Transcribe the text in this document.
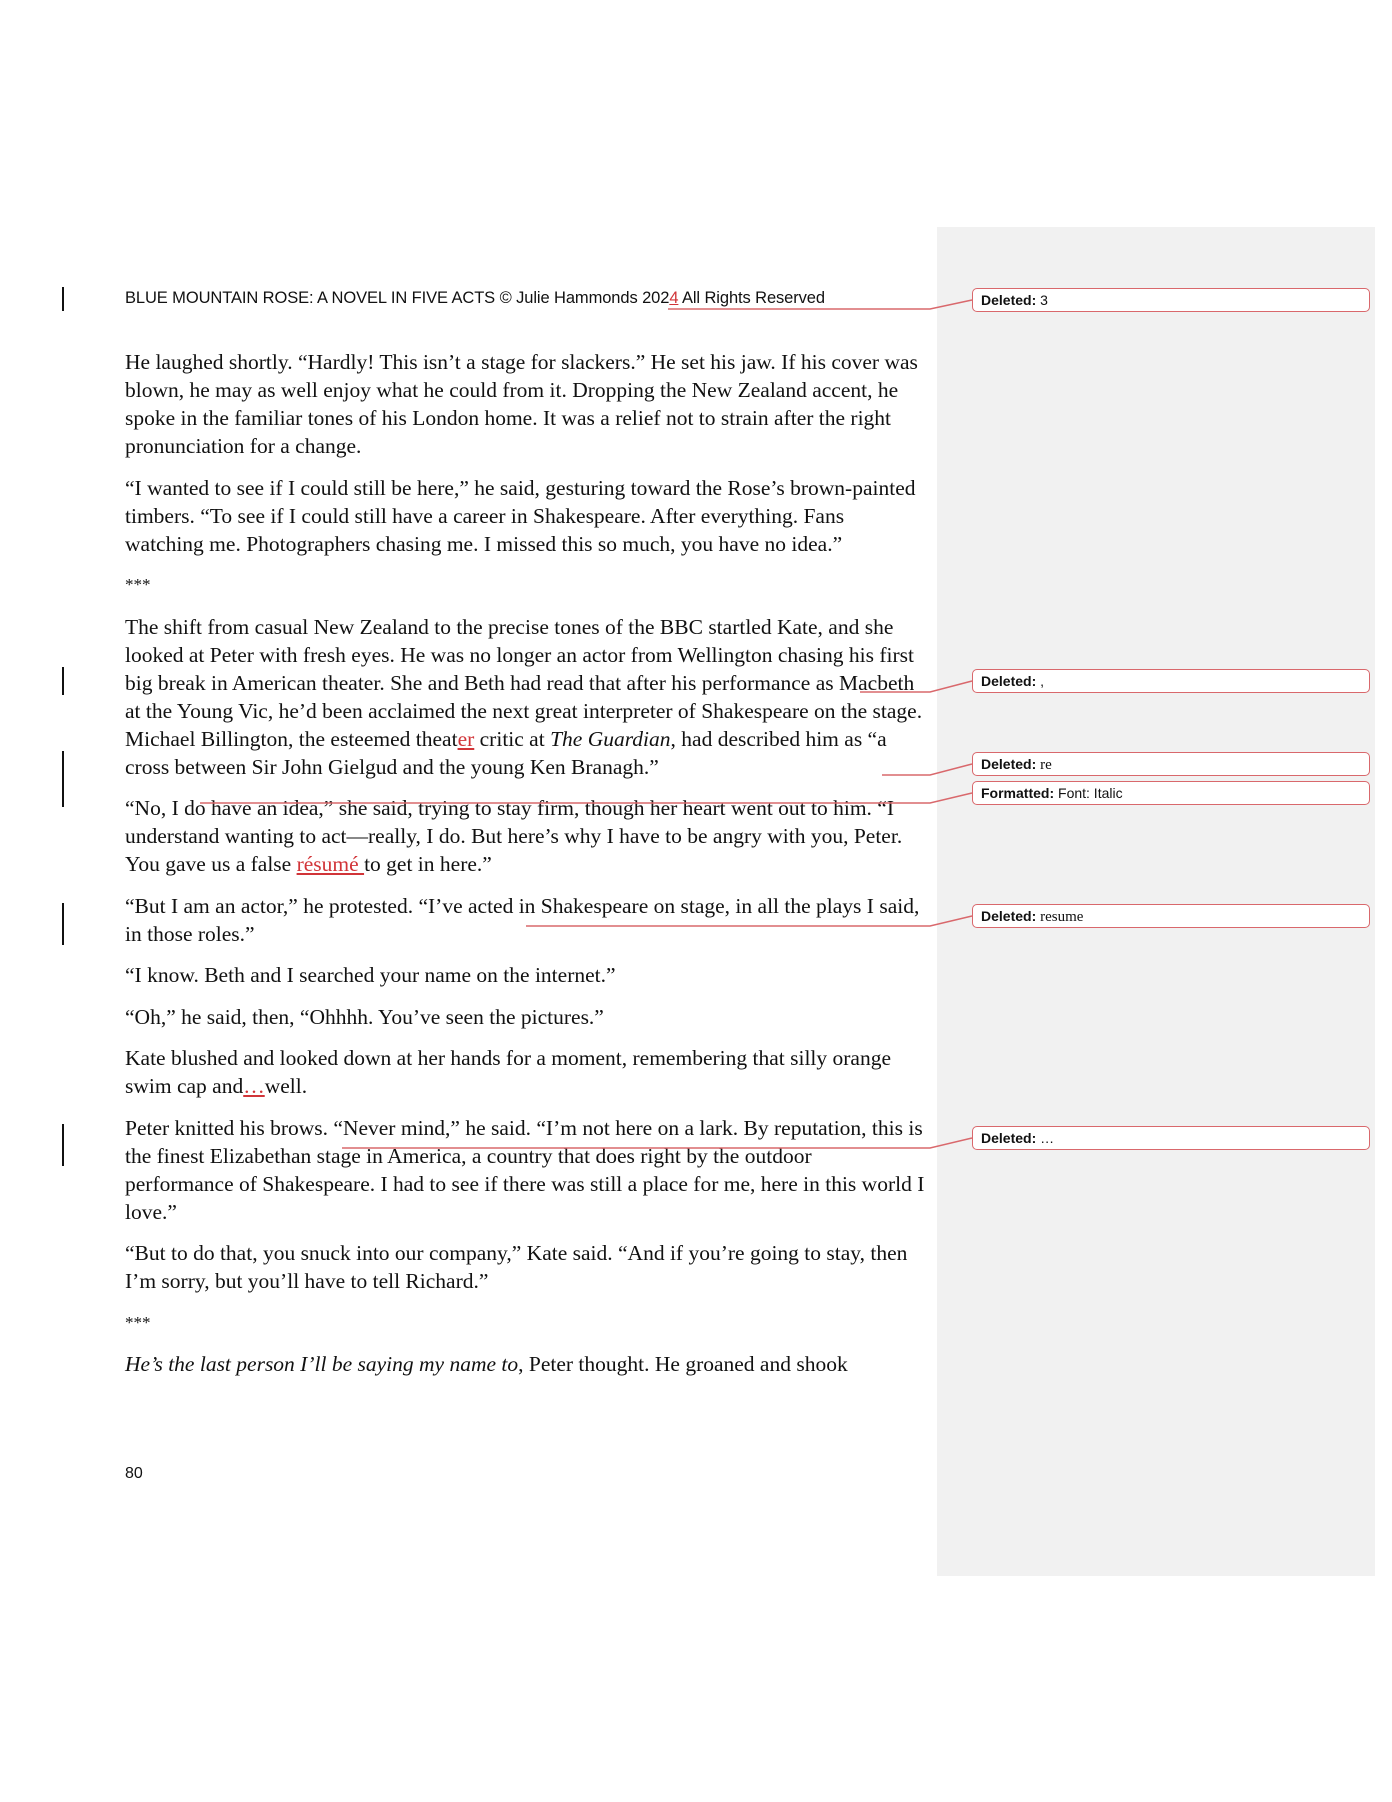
BLUE MOUNTAIN ROSE: A NOVEL IN FIVE ACTS © Julie Hammonds 2024 All Rights Reserved

He laughed shortly. “Hardly! This isn’t a stage for slackers.” He set his jaw. If his cover was blown, he may as well enjoy what he could from it. Dropping the New Zealand accent, he spoke in the familiar tones of his London home. It was a relief not to strain after the right pronunciation for a change.

“I wanted to see if I could still be here,” he said, gesturing toward the Rose’s brown-painted timbers. “To see if I could still have a career in Shakespeare. After everything. Fans watching me. Photographers chasing me. I missed this so much, you have no idea.”

***

The shift from casual New Zealand to the precise tones of the BBC startled Kate, and she looked at Peter with fresh eyes. He was no longer an actor from Wellington chasing his first big break in American theater. She and Beth had read that after his performance as Macbeth at the Young Vic, he’d been acclaimed the next great interpreter of Shakespeare on the stage. Michael Billington, the esteemed theater critic at The Guardian, had described him as “a cross between Sir John Gielgud and the young Ken Branagh.”

“No, I do have an idea,” she said, trying to stay firm, though her heart went out to him. “I understand wanting to act—really, I do. But here’s why I have to be angry with you, Peter. You gave us a false résumé to get in here.”

“But I am an actor,” he protested. “I’ve acted in Shakespeare on stage, in all the plays I said, in those roles.”

“I know. Beth and I searched your name on the internet.”

“Oh,” he said, then, “Ohhhh. You’ve seen the pictures.”

Kate blushed and looked down at her hands for a moment, remembering that silly orange swim cap and…well.

Peter knitted his brows. “Never mind,” he said. “I’m not here on a lark. By reputation, this is the finest Elizabethan stage in America, a country that does right by the outdoor performance of Shakespeare. I had to see if there was still a place for me, here in this world I love.”

“But to do that, you snuck into our company,” Kate said. “And if you’re going to stay, then I’m sorry, but you’ll have to tell Richard.”

***

He’s the last person I’ll be saying my name to, Peter thought. He groaned and shook

80
Deleted: 3
Deleted: ,
Deleted: re
Formatted: Font: Italic
Deleted: resume
Deleted: …
